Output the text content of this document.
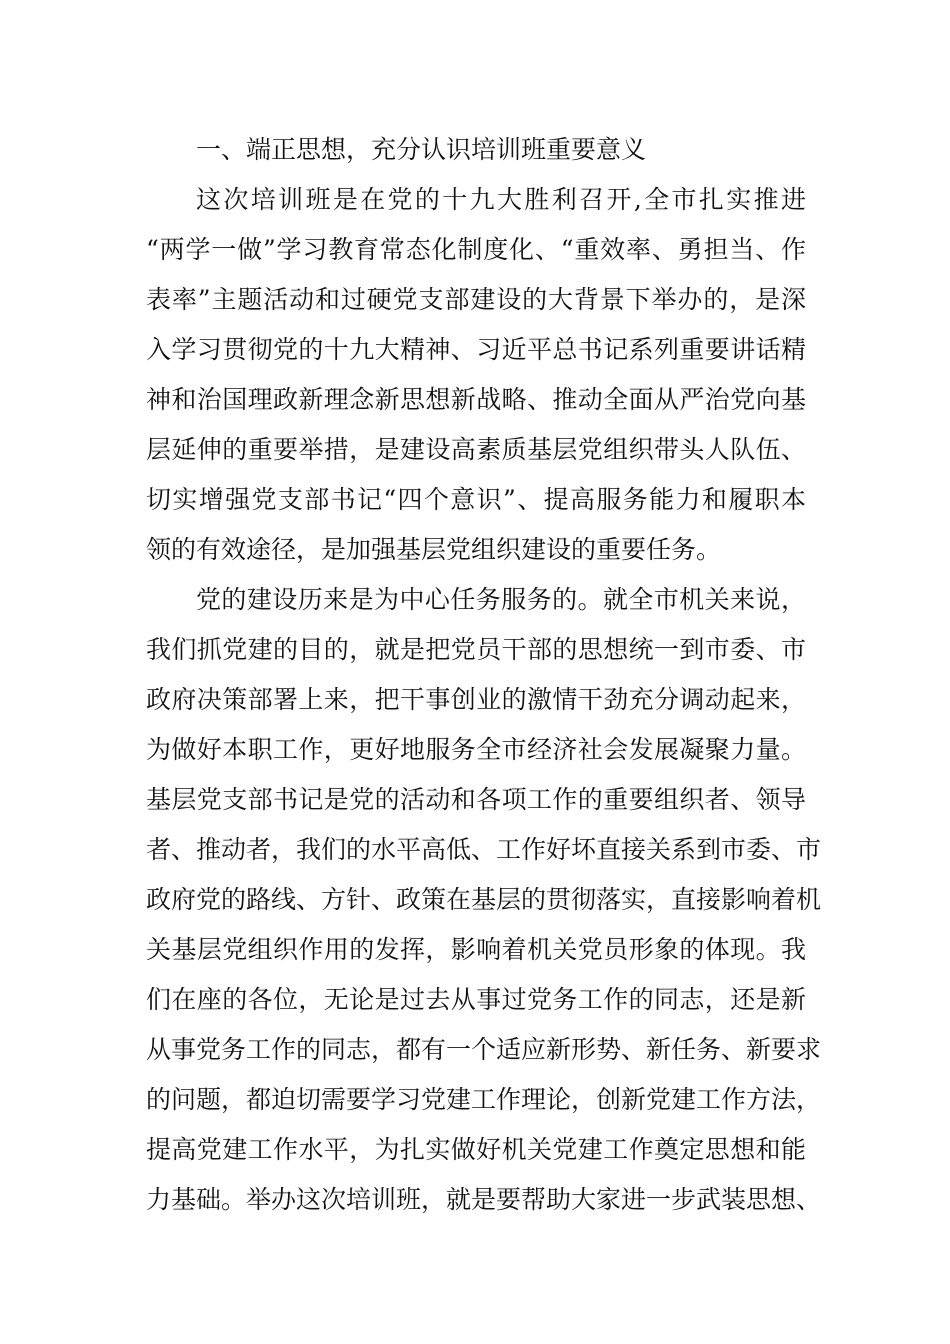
一、端正思想，充分认识培训班重要意义
这次培训班是在党的十九大胜利召开,全市扎实推进
“两学一做”学习教育常态化制度化、“重效率、勇担当、作
表率”主题活动和过硬党支部建设的大背景下举办的，是深
入学习贯彻党的十九大精神、习近平总书记系列重要讲话精
神和治国理政新理念新思想新战略、推动全面从严治党向基
层延伸的重要举措，是建设高素质基层党组织带头人队伍、
切实增强党支部书记“四个意识”、提高服务能力和履职本
领的有效途径，是加强基层党组织建设的重要任务。
党的建设历来是为中心任务服务的。就全市机关来说，
我们抓党建的目的，就是把党员干部的思想统一到市委、市
政府决策部署上来，把干事创业的激情干劲充分调动起来，
为做好本职工作，更好地服务全市经济社会发展凝聚力量。
基层党支部书记是党的活动和各项工作的重要组织者、领导
者、推动者，我们的水平高低、工作好坏直接关系到市委、市
政府党的路线、方针、政策在基层的贯彻落实，直接影响着机
关基层党组织作用的发挥，影响着机关党员形象的体现。我
们在座的各位，无论是过去从事过党务工作的同志，还是新
从事党务工作的同志，都有一个适应新形势、新任务、新要求
的问题，都迫切需要学习党建工作理论，创新党建工作方法，
提高党建工作水平，为扎实做好机关党建工作奠定思想和能
力基础。举办这次培训班，就是要帮助大家进一步武装思想、
